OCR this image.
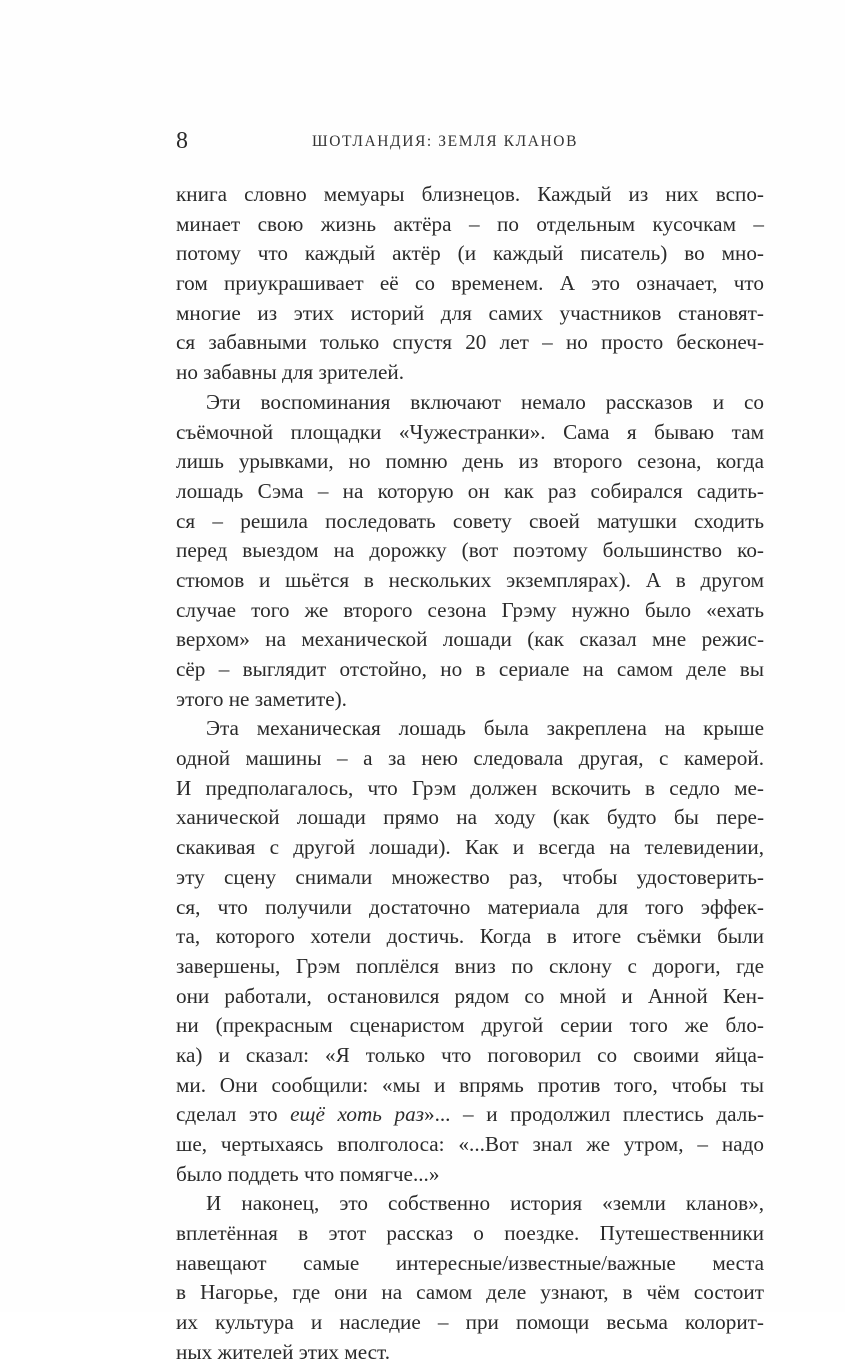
8	ШОТЛАНДИЯ: ЗЕМЛЯ КЛАНОВ
книга словно мемуары близнецов. Каждый из них вспо-
минает свою жизнь актёра – по отдельным кусочкам –
потому что каждый актёр (и каждый писатель) во мно-
гом приукрашивает её со временем. А это означает, что
многие из этих историй для самих участников становят-
ся забавными только спустя 20 лет – но просто бесконеч-
но забавны для зрителей.
Эти воспоминания включают немало рассказов и со
съёмочной площадки «Чужестранки». Сама я бываю там
лишь урывками, но помню день из второго сезона, когда
лошадь Сэма – на которую он как раз собирался садить-
ся – решила последовать совету своей матушки сходить
перед выездом на дорожку (вот поэтому большинство ко-
стюмов и шьётся в нескольких экземплярах). А в другом
случае того же второго сезона Грэму нужно было «ехать
верхом» на механической лошади (как сказал мне режис-
сёр – выглядит отстойно, но в сериале на самом деле вы
этого не заметите).
Эта механическая лошадь была закреплена на крыше
одной машины – а за нею следовала другая, с камерой.
И предполагалось, что Грэм должен вскочить в седло ме-
ханической лошади прямо на ходу (как будто бы пере-
скакивая с другой лошади). Как и всегда на телевидении,
эту сцену снимали множество раз, чтобы удостоверить-
ся, что получили достаточно материала для того эффек-
та, которого хотели достичь. Когда в итоге съёмки были
завершены, Грэм поплёлся вниз по склону с дороги, где
они работали, остановился рядом со мной и Анной Кен-
ни (прекрасным сценаристом другой серии того же бло-
ка) и сказал: «Я только что поговорил со своими яйца-
ми. Они сообщили: «мы и впрямь против того, чтобы ты
сделал это ещё хоть раз»... – и продолжил плестись даль-
ше, чертыхаясь вполголоса: «...Вот знал же утром, – надо
было поддеть что помягче...»
И наконец, это собственно история «земли кланов»,
вплетённая в этот рассказ о поездке. Путешественники
навещают самые интересные/известные/важные места
в Нагорье, где они на самом деле узнают, в чём состоит
их культура и наследие – при помощи весьма колорит-
ных жителей этих мест.
